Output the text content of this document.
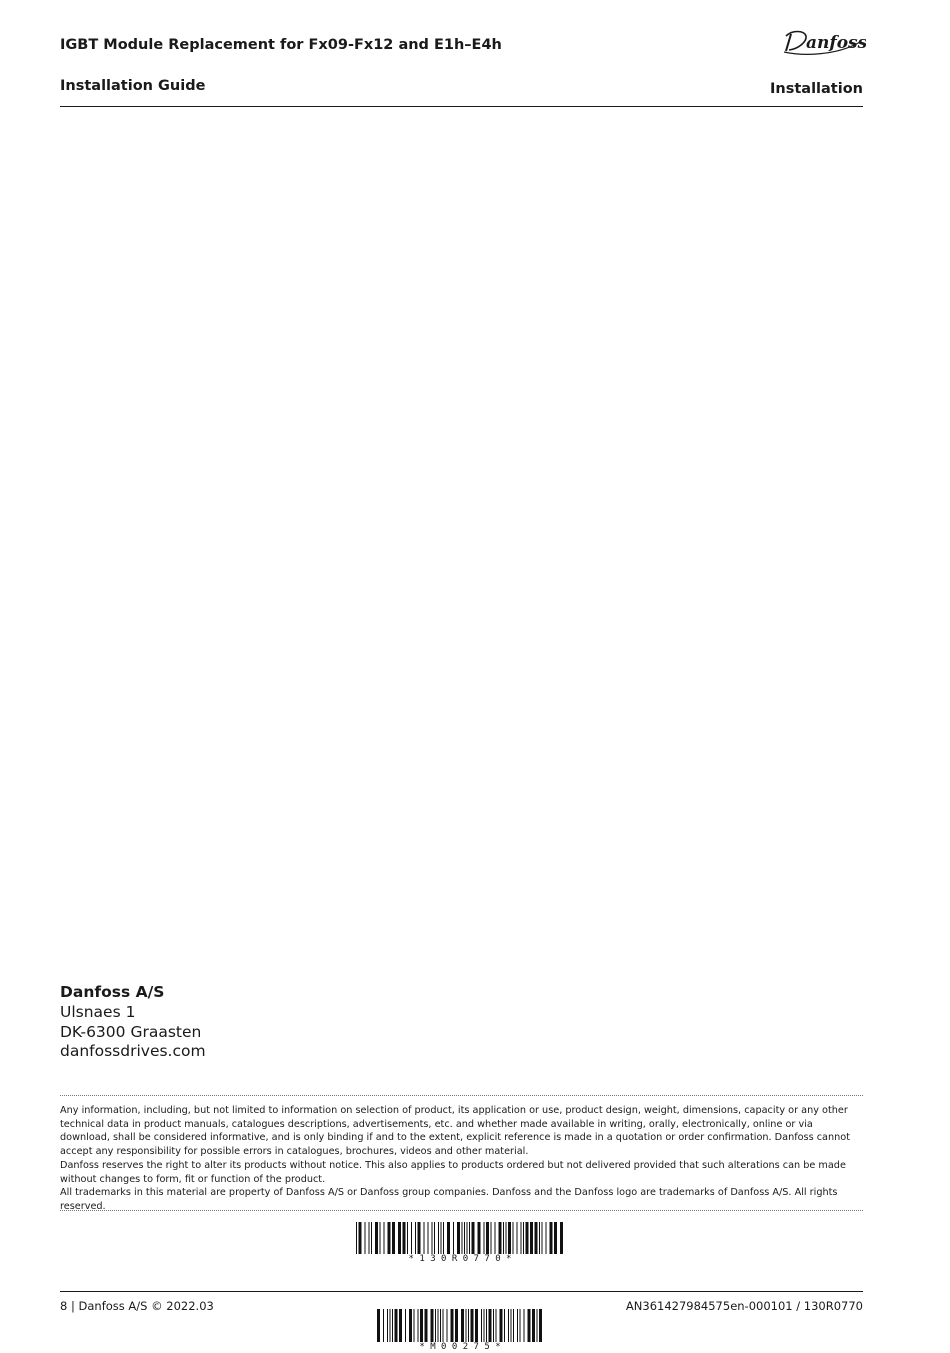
IGBT Module Replacement for Fx09-Fx12 and E1h–E4h
Installation Guide	Installation
anfoss
Danfoss A/S
Ulsnaes 1
DK-6300 Graasten
danfossdrives.com

Any information, including, but not limited to information on selection of product, its application or use, product design, weight, dimensions, capacity or any other technical data in product manuals, catalogues descriptions, advertisements, etc. and whether made available in writing, orally, electronically, online or via download, shall be considered informative, and is only binding if and to the extent, explicit reference is made in a quotation or order confirmation. Danfoss cannot accept any responsibility for possible errors in catalogues, brochures, videos and other material.

Danfoss reserves the right to alter its products without notice. This also applies to products ordered but not delivered provided that such alterations can be made without changes to form, fit or function of the product.

All trademarks in this material are property of Danfoss A/S or Danfoss group companies. Danfoss and the Danfoss logo are trademarks of Danfoss A/S. All rights reserved.

* 1 3 0 R 0 7 7 0 *
8 | Danfoss A/S © 2022.03	AN361427984575en-000101 / 130R0770
* M 0 0 2 7 5 *
